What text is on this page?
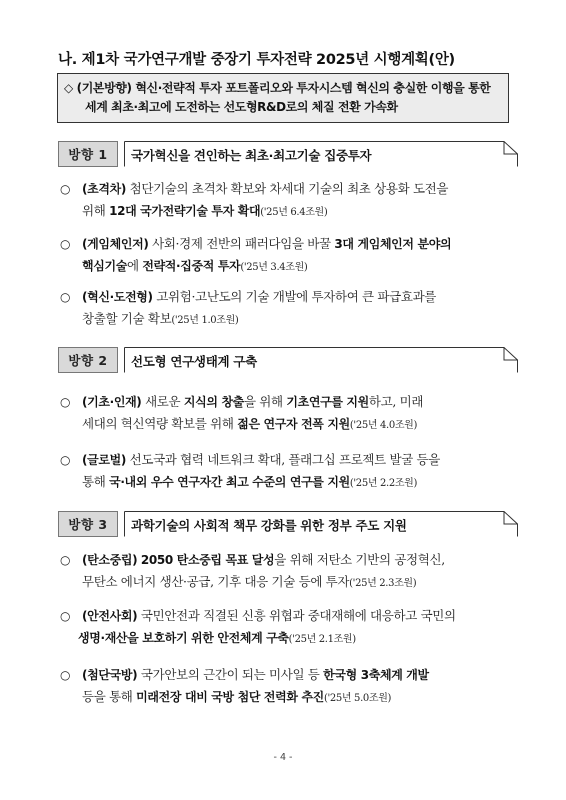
나. 제1차 국가연구개발 중장기 투자전략 2025년 시행계획(안)
◇ (기본방향) 혁신·전략적 투자 포트폴리오와 투자시스템 혁신의 충실한 이행을 통한
세계 최초·최고에 도전하는 선도형R&D로의 체질 전환 가속화
방향 1	국가혁신을 견인하는 최초·최고기술 집중투자
○ (초격차) 첨단기술의 초격차 확보와 차세대 기술의 최초 상용화 도전을
위해 12대 국가전략기술 투자 확대('25년 6.4조원)
○ (게임체인저) 사회·경제 전반의 패러다임을 바꿀 3대 게임체인저 분야의
핵심기술에 전략적·집중적 투자('25년 3.4조원)
○ (혁신·도전형) 고위험·고난도의 기술 개발에 투자하여 큰 파급효과를
창출할 기술 확보('25년 1.0조원)
방향 2	선도형 연구생태계 구축
○ (기초·인재) 새로운 지식의 창출을 위해 기초연구를 지원하고, 미래
세대의 혁신역량 확보를 위해 젊은 연구자 전폭 지원('25년 4.0조원)
○ (글로벌) 선도국과 협력 네트워크 확대, 플래그십 프로젝트 발굴 등을
통해 국·내외 우수 연구자간 최고 수준의 연구를 지원('25년 2.2조원)
방향 3	과학기술의 사회적 책무 강화를 위한 정부 주도 지원
○ (탄소중립) 2050 탄소중립 목표 달성을 위해 저탄소 기반의 공정혁신,
무탄소 에너지 생산·공급, 기후 대응 기술 등에 투자('25년 2.3조원)
○ (안전사회) 국민안전과 직결된 신흥 위협과 중대재해에 대응하고 국민의
생명·재산을 보호하기 위한 안전체계 구축('25년 2.1조원)
○ (첨단국방) 국가안보의 근간이 되는 미사일 등 한국형 3축체계 개발
등을 통해 미래전장 대비 국방 첨단 전력화 추진('25년 5.0조원)
- 4 -
